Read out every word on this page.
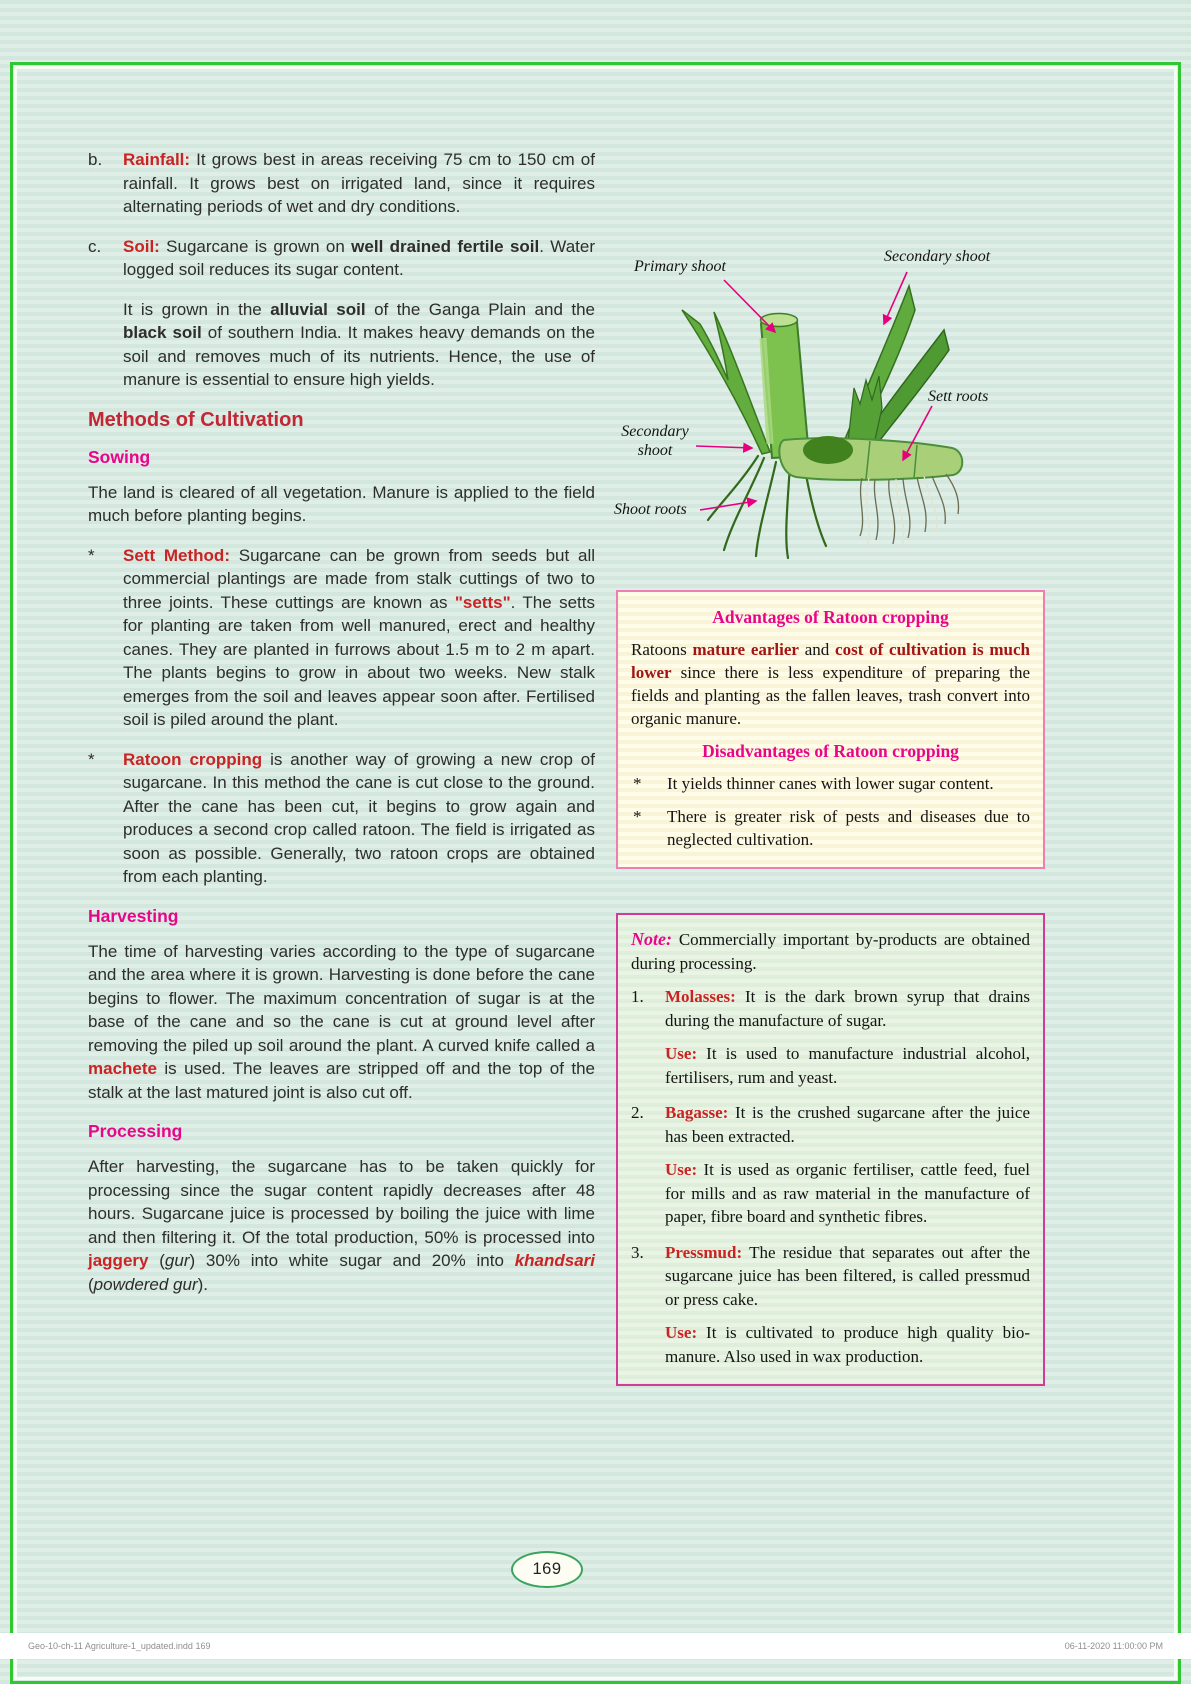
b.	Rainfall: It grows best in areas receiving 75 cm to 150 cm of rainfall. It grows best on irrigated land, since it requires alternating periods of wet and dry conditions.

c.	Soil: Sugarcane is grown on well drained fertile soil. Water logged soil reduces its sugar content.

It is grown in the alluvial soil of the Ganga Plain and the black soil of southern India. It makes heavy demands on the soil and removes much of its nutrients. Hence, the use of manure is essential to ensure high yields.

Methods of Cultivation
Sowing

The land is cleared of all vegetation. Manure is applied to the field much before planting begins.

*	Sett Method: Sugarcane can be grown from seeds but all commercial plantings are made from stalk cuttings of two to three joints. These cuttings are known as "setts". The setts for planting are taken from well manured, erect and healthy canes. They are planted in furrows about 1.5 m to 2 m apart. The plants begins to grow in about two weeks. New stalk emerges from the soil and leaves appear soon after. Fertilised soil is piled around the plant.

*	Ratoon cropping is another way of growing a new crop of sugarcane. In this method the cane is cut close to the ground. After the cane has been cut, it begins to grow again and produces a second crop called ratoon. The field is irrigated as soon as possible. Generally, two ratoon crops are obtained from each planting.

Harvesting

The time of harvesting varies according to the type of sugarcane and the area where it is grown. Harvesting is done before the cane begins to flower. The maximum concentration of sugar is at the base of the cane and so the cane is cut at ground level after removing the piled up soil around the plant. A curved knife called a machete is used. The leaves are stripped off and the top of the stalk at the last matured joint is also cut off.

Processing

After harvesting, the sugarcane has to be taken quickly for processing since the sugar content rapidly decreases after 48 hours. Sugarcane juice is processed by boiling the juice with lime and then filtering it. Of the total production, 50% is processed into jaggery (gur) 30% into white sugar and 20% into khandsari (powdered gur).

Primary shoot
Secondary shoot
Sett roots
Secondary shoot
Shoot roots
Advantages of Ratoon cropping

Ratoons mature earlier and cost of cultivation is much lower since there is less expenditure of preparing the fields and planting as the fallen leaves, trash convert into organic manure.

Disadvantages of Ratoon cropping
*	It yields thinner canes with lower sugar content.

*	There is greater risk of pests and diseases due to neglected cultivation.

Note: Commercially important by-products are obtained during processing.

1.	Molasses: It is the dark brown syrup that drains during the manufacture of sugar.

Use: It is used to manufacture industrial alcohol, fertilisers, rum and yeast.

2.	Bagasse: It is the crushed sugarcane after the juice has been extracted.

Use: It is used as organic fertiliser, cattle feed, fuel for mills and as raw material in the manufacture of paper, fibre board and synthetic fibres.

3.	Pressmud: The residue that separates out after the sugarcane juice has been filtered, is called pressmud or press cake.

Use: It is cultivated to produce high quality bio-manure. Also used in wax production.

169
Geo-10-ch-11 Agriculture-1_updated.indd 169	06-11-2020 11:00:00 PM
